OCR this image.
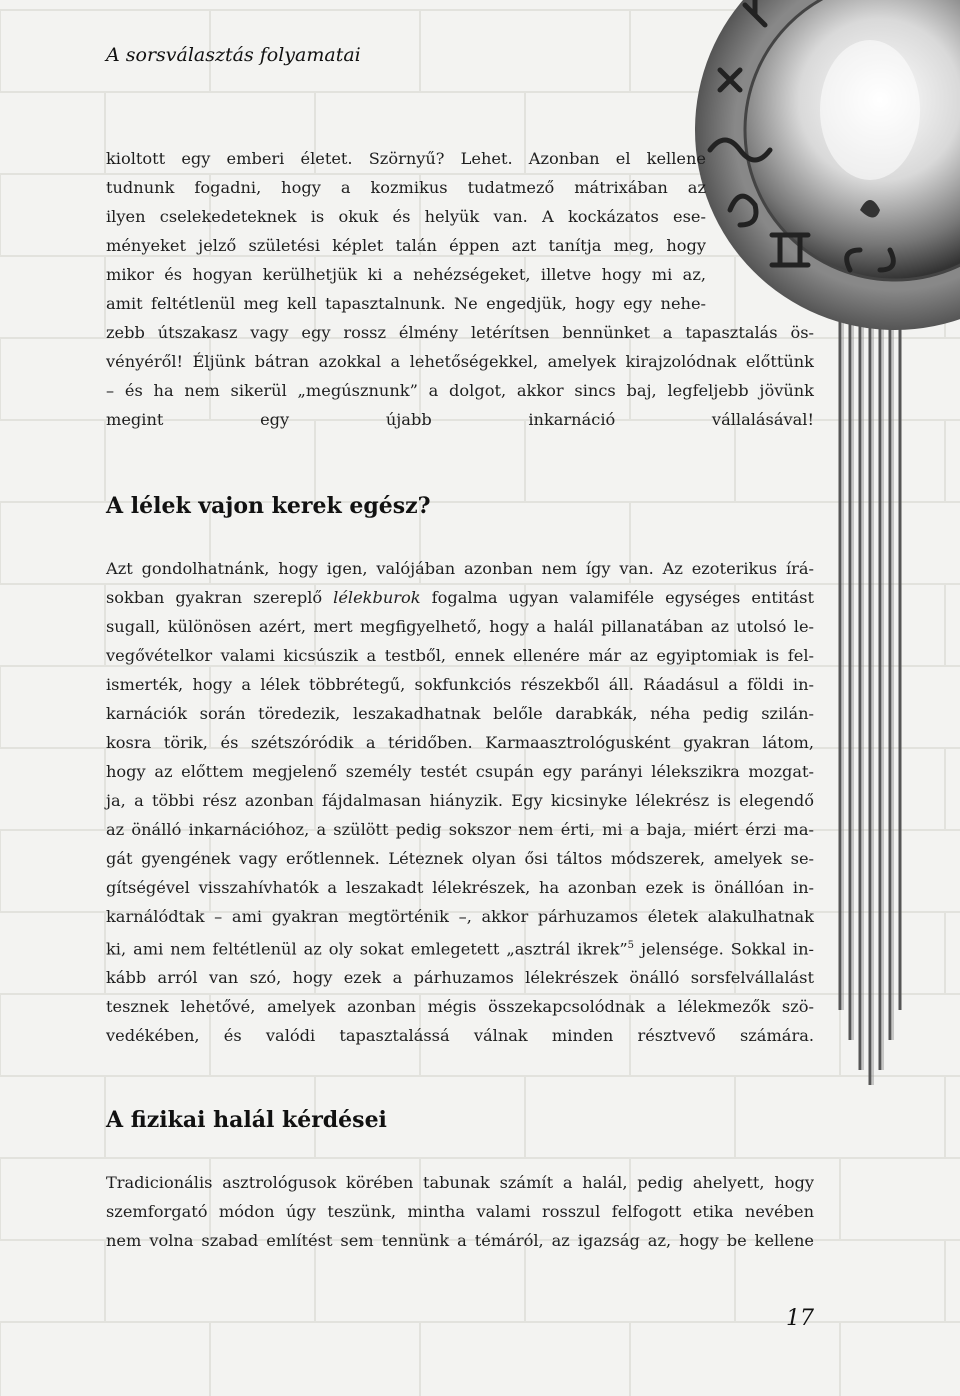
A sorsválasztás folyamatai

kioltott egy emberi életet. Szörnyű? Lehet. Azonban el kellene
tudnunk fogadni, hogy a kozmikus tudatmező mátrixában az
ilyen cselekedeteknek is okuk és helyük van. A kockázatos ese-
ményeket jelző születési képlet talán éppen azt tanítja meg, hogy
mikor és hogyan kerülhetjük ki a nehézségeket, illetve hogy mi az,
amit feltétlenül meg kell tapasztalnunk. Ne engedjük, hogy egy nehe-
zebb útszakasz vagy egy rossz élmény letérítsen bennünket a tapasztalás ös-
vényéről! Éljünk bátran azokkal a lehetőségekkel, amelyek kirajzolódnak előttünk
– és ha nem sikerül „megúsznunk” a dolgot, akkor sincs baj, legfeljebb jövünk
megint egy újabb inkarnáció vállalásával!
A lélek vajon kerek egész?
Azt gondolhatnánk, hogy igen, valójában azonban nem így van. Az ezoterikus írá-
sokban gyakran szereplő lélekburok fogalma ugyan valamiféle egységes entitást
sugall, különösen azért, mert megfigyelhető, hogy a halál pillanatában az utolsó le-
vegővételkor valami kicsúszik a testből, ennek ellenére már az egyiptomiak is fel-
ismerték, hogy a lélek többrétegű, sokfunkciós részekből áll. Ráadásul a földi in-
karnációk során töredezik, leszakadhatnak belőle darabkák, néha pedig szilán-
kosra törik, és szétszóródik a téridőben. Karmaasztrológusként gyakran látom,
hogy az előttem megjelenő személy testét csupán egy parányi lélekszikra mozgat-
ja, a többi rész azonban fájdalmasan hiányzik. Egy kicsinyke lélekrész is elegendő
az önálló inkarnációhoz, a szülött pedig sokszor nem érti, mi a baja, miért érzi ma-
gát gyengének vagy erőtlennek. Léteznek olyan ősi táltos módszerek, amelyek se-
gítségével visszahívhatók a leszakadt lélekrészek, ha azonban ezek is önállóan in-
karnálódtak – ami gyakran megtörténik –, akkor párhuzamos életek alakulhatnak
ki, ami nem feltétlenül az oly sokat emlegetett „asztrál ikrek”$^5$ jelensége. Sokkal in-
kább arról van szó, hogy ezek a párhuzamos lélekrészek önálló sorsfelvállalást
tesznek lehetővé, amelyek azonban mégis összekapcsolódnak a lélekmezők szö-
vedékében, és valódi tapasztalássá válnak minden résztvevő számára.
A fizikai halál kérdései
Tradicionális asztrológusok körében tabunak számít a halál, pedig ahelyett, hogy
szemforgató módon úgy teszünk, mintha valami rosszul felfogott etika nevében
nem volna szabad említést sem tennünk a témáról, az igazság az, hogy be kellene

17
